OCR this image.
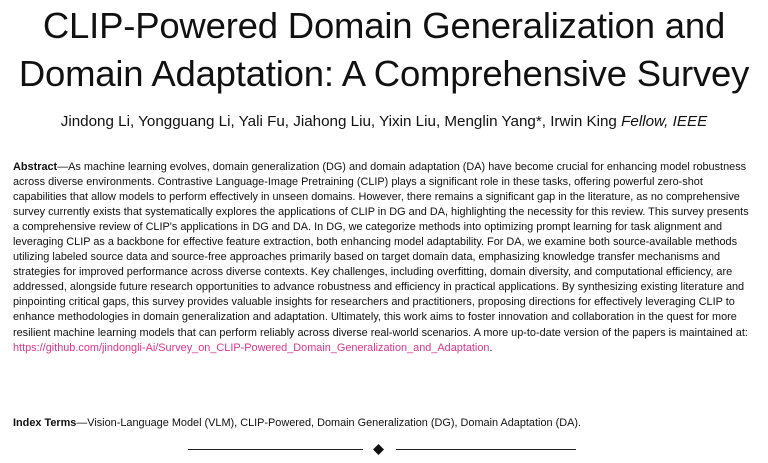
CLIP-Powered Domain Generalization and
Domain Adaptation: A Comprehensive Survey
Jindong Li, Yongguang Li, Yali Fu, Jiahong Liu, Yixin Liu, Menglin Yang*, Irwin King Fellow, IEEE
Abstract—As machine learning evolves, domain generalization (DG) and domain adaptation (DA) have become crucial for enhancing model robustness across diverse environments. Contrastive Language-Image Pretraining (CLIP) plays a significant role in these tasks, offering powerful zero-shot capabilities that allow models to perform effectively in unseen domains. However, there remains a significant gap in the literature, as no comprehensive survey currently exists that systematically explores the applications of CLIP in DG and DA, highlighting the necessity for this review. This survey presents a comprehensive review of CLIP's applications in DG and DA. In DG, we categorize methods into optimizing prompt learning for task alignment and leveraging CLIP as a backbone for effective feature extraction, both enhancing model adaptability. For DA, we examine both source-available methods utilizing labeled source data and source-free approaches primarily based on target domain data, emphasizing knowledge transfer mechanisms and strategies for improved performance across diverse contexts. Key challenges, including overfitting, domain diversity, and computational efficiency, are addressed, alongside future research opportunities to advance robustness and efficiency in practical applications. By synthesizing existing literature and pinpointing critical gaps, this survey provides valuable insights for researchers and practitioners, proposing directions for effectively leveraging CLIP to enhance methodologies in domain generalization and adaptation. Ultimately, this work aims to foster innovation and collaboration in the quest for more resilient machine learning models that can perform reliably across diverse real-world scenarios. A more up-to-date version of the papers is maintained at:
https://github.com/jindongli-Ai/Survey_on_CLIP-Powered_Domain_Generalization_and_Adaptation.
Index Terms—Vision-Language Model (VLM), CLIP-Powered, Domain Generalization (DG), Domain Adaptation (DA).
